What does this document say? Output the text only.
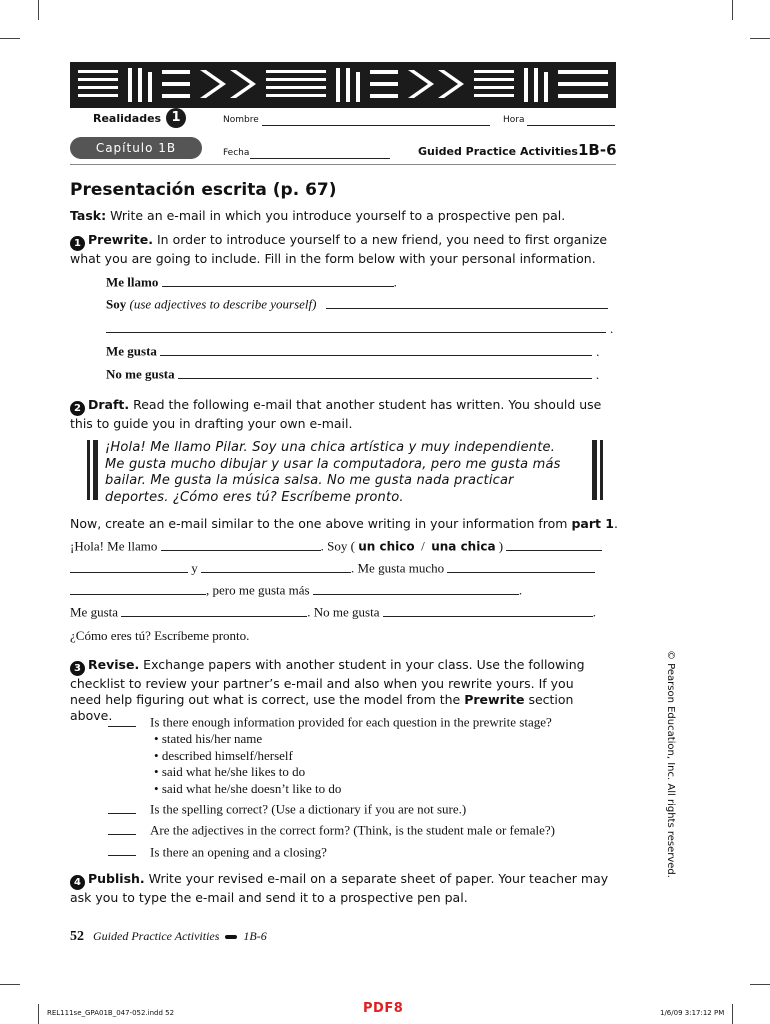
Realidades 1
Capítulo 1B
Nombre	Hora
Fecha	Guided Practice Activities 1B-6
Presentación escrita (p. 67)
Task: Write an e-mail in which you introduce yourself to a prospective pen pal.
1 Prewrite. In order to introduce yourself to a new friend, you need to first organize what you are going to include. Fill in the form below with your personal information.
Me llamo	.
Soy (use adjectives to describe yourself)
.
Me gusta	.
No me gusta	.
2 Draft. Read the following e-mail that another student has written. You should use this to guide you in drafting your own e-mail.
¡Hola! Me llamo Pilar. Soy una chica artística y muy independiente.
Me gusta mucho dibujar y usar la computadora, pero me gusta más
bailar. Me gusta la música salsa. No me gusta nada practicar
deportes. ¿Cómo eres tú? Escríbeme pronto.
Now, create an e-mail similar to the one above writing in your information from part 1.
¡Hola! Me llamo	. Soy ( un chico / una chica )
y	. Me gusta mucho
, pero me gusta más	.
Me gusta	. No me gusta	.
¿Cómo eres tú? Escríbeme pronto.
3 Revise. Exchange papers with another student in your class. Use the following checklist to review your partner’s e-mail and also when you rewrite yours. If you need help figuring out what is correct, use the model from the Prewrite section above.	Is there enough information provided for each question in the prewrite stage?
• stated his/her name
• described himself/herself
• said what he/she likes to do
• said what he/she doesn’t like to do
Is the spelling correct? (Use a dictionary if you are not sure.)
Are the adjectives in the correct form? (Think, is the student male or female?)
Is there an opening and a closing?
4 Publish. Write your revised e-mail on a separate sheet of paper. Your teacher may ask you to type the e-mail and send it to a prospective pen pal.
© Pearson Education, Inc. All rights reserved.
52 Guided Practice Activities 1B-6
REL111se_GPA01B_047-052.indd 52	PDF8	1/6/09 3:17:12 PM
